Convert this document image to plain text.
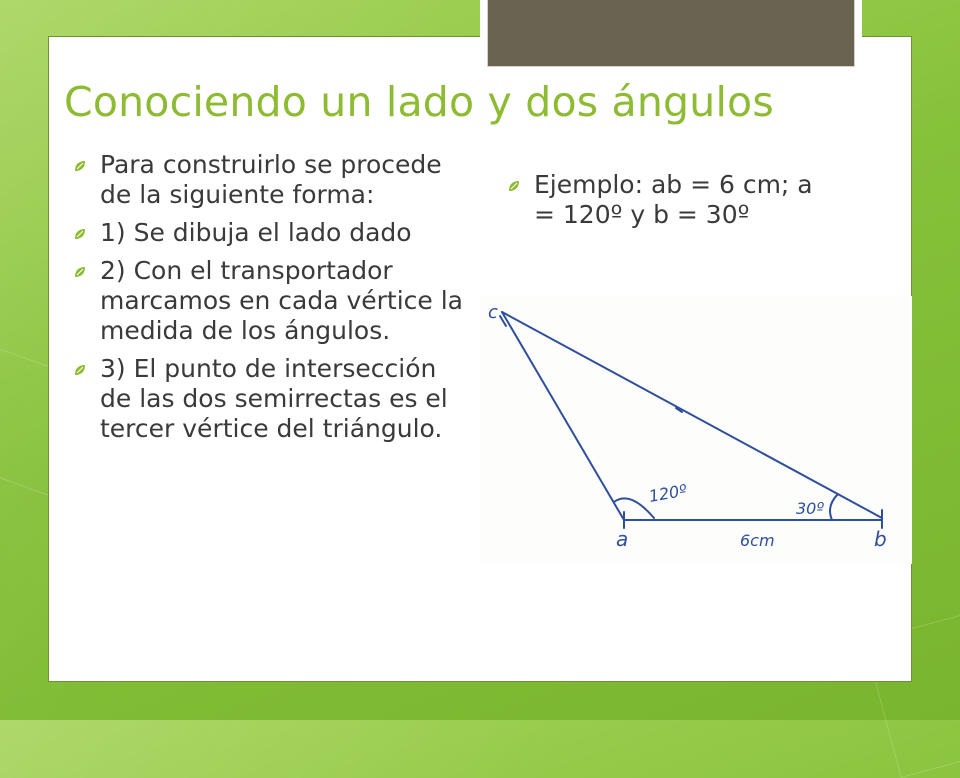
Conociendo un lado y dos ángulos
Para construirlo se procede de la siguiente forma:
1) Se dibuja el lado dado
2) Con el transportador marcamos en cada vértice la medida de los ángulos.
3) El punto de intersección de las dos semirrectas es el tercer vértice del triángulo.
Ejemplo: ab = 6 cm; a = 120º y b = 30º
c
a	b
120º
30º
6cm
